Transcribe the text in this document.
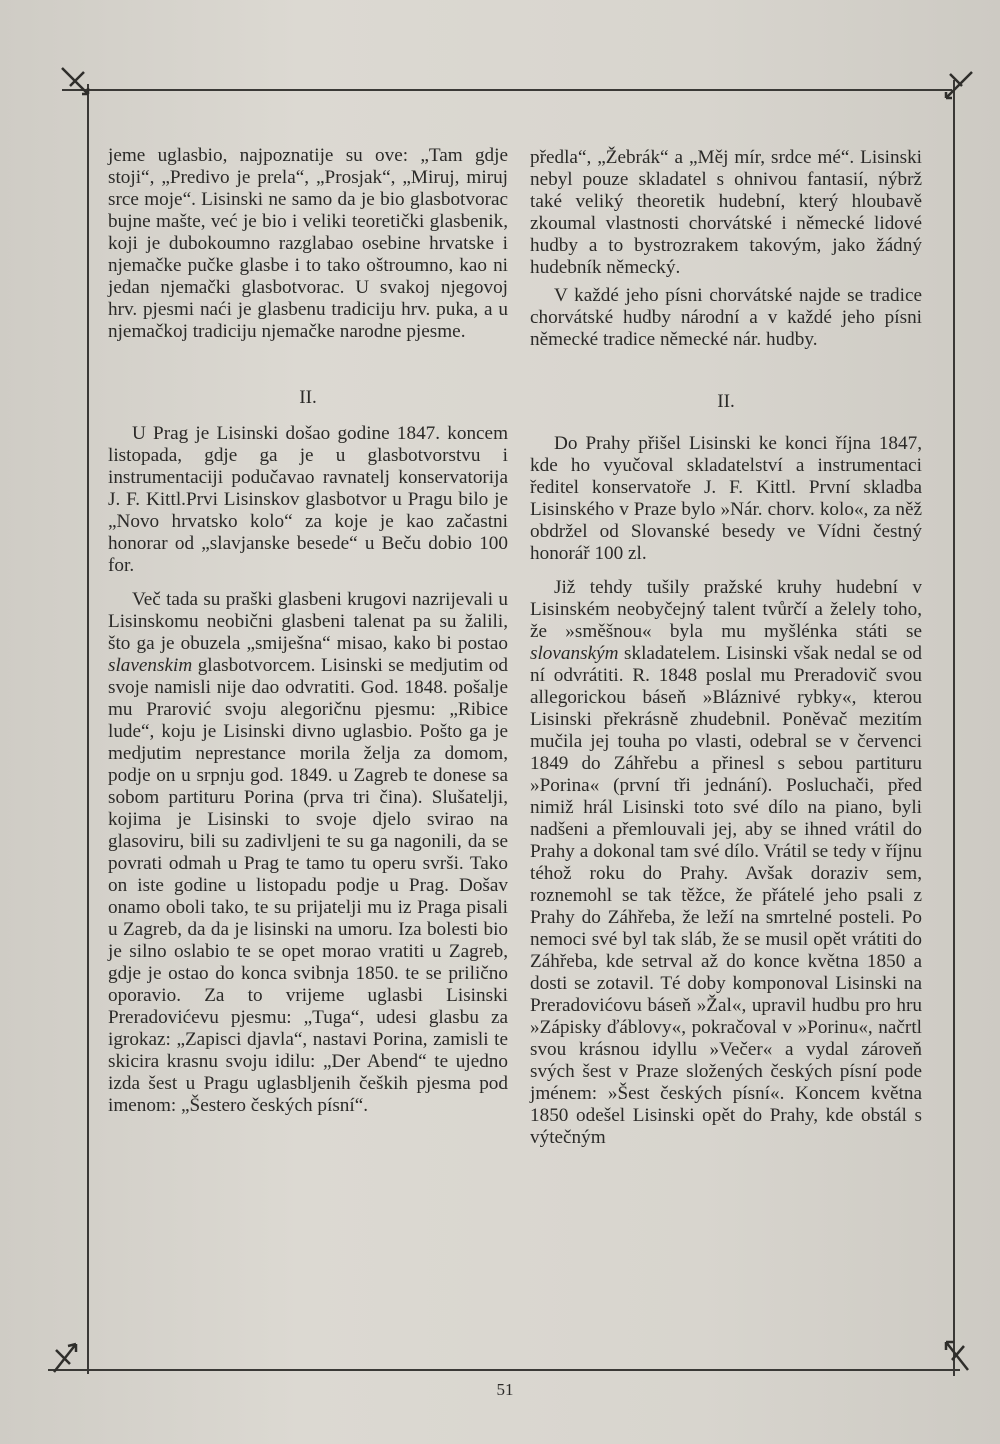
jeme uglasbio, najpoznatije su ove: „Tam gdje stoji“, „Predivo je prela“, „Prosjak“, „Miruj, miruj srce moje“. Lisinski ne samo da je bio glasbotvorac bujne mašte, već je bio i veliki teoretički glasbenik, koji je dubokoumno razglabao osebine hrvatske i njemačke pučke glasbe i to tako oštroumno, kao ni jedan njemački glasbotvorac. U svakoj njegovoj hrv. pjesmi naći je glasbenu tradiciju hrv. puka, a u njemačkoj tradiciju njemačke narodne pjesme.

II.

U Prag je Lisinski došao godine 1847. koncem listopada, gdje ga je u glasbotvorstvu i instrumentaciji podučavao ravnatelj konservatorija J. F. Kittl.Prvi Lisinskov glasbotvor u Pragu bilo je „Novo hrvatsko kolo“ za koje je kao začastni honorar od „slavjanske besede“ u Beču dobio 100 for.

Več tada su praški glasbeni krugovi nazrijevali u Lisinskomu neobični glasbeni talenat pa su žalili, što ga je obuzela „smiješna“ misao, kako bi postao slavenskim glasbotvorcem. Lisinski se medjutim od svoje namisli nije dao odvratiti. God. 1848. pošalje mu Prarović svoju alegoričnu pjesmu: „Ribice lude“, koju je Lisinski divno uglasbio. Pošto ga je medjutim neprestance morila želja za domom, podje on u srpnju god. 1849. u Zagreb te donese sa sobom partituru Porina (prva tri čina). Slušatelji, kojima je Lisinski to svoje djelo svirao na glasoviru, bili su zadivljeni te su ga nagonili, da se povrati odmah u Prag te tamo tu operu svrši. Tako on iste godine u listopadu podje u Prag. Došav onamo oboli tako, te su prijatelji mu iz Praga pisali u Zagreb, da da je lisinski na umoru. Iza bolesti bio je silno oslabio te se opet morao vratiti u Zagreb, gdje je ostao do konca svibnja 1850. te se prilično oporavio. Za to vrijeme uglasbi Lisinski Preradovićevu pjesmu: „Tuga“, udesi glasbu za igrokaz: „Zapisci djavla“, nastavi Porina, zamisli te skicira krasnu svoju idilu: „Der Abend“ te ujedno izda šest u Pragu uglasbljenih čeških pjesma pod imenom: „Šestero českých písní“.

předla“, „Žebrák“ a „Měj mír, srdce mé“. Lisinski nebyl pouze skladatel s ohnivou fantasií, nýbrž také veliký theoretik hudební, který hloubavě zkoumal vlastnosti chorvátské i německé lidové hudby a to bystrozrakem takovým, jako žádný hudebník německý.

V každé jeho písni chorvátské najde se tradice chorvátské hudby národní a v každé jeho písni německé tradice německé nár. hudby.

II.

Do Prahy přišel Lisinski ke konci října 1847, kde ho vyučoval skladatelství a instrumentaci ředitel konservatoře J. F. Kittl. První skladba Lisinského v Praze bylo »Nár. chorv. kolo«, za něž obdržel od Slovanské besedy ve Vídni čestný honorář 100 zl.

Již tehdy tušily pražské kruhy hudební v Lisinském neobyčejný talent tvůrčí a želely toho, že »směšnou« byla mu myšlénka státi se slovanským skladatelem. Lisinski však nedal se od ní odvrátiti. R. 1848 poslal mu Preradovič svou allegorickou báseň »Bláznivé rybky«, kterou Lisinski překrásně zhudebnil. Poněvač mezitím mučila jej touha po vlasti, odebral se v červenci 1849 do Záhřebu a přinesl s sebou partituru »Porina« (první tři jednání). Posluchači, před nimiž hrál Lisinski toto své dílo na piano, byli nadšeni a přemlouvali jej, aby se ihned vrátil do Prahy a dokonal tam své dílo. Vrátil se tedy v říjnu téhož roku do Prahy. Avšak doraziv sem, roznemohl se tak těžce, že přátelé jeho psali z Prahy do Záhřeba, že leží na smrtelné posteli. Po nemoci své byl tak sláb, že se musil opět vrátiti do Záhřeba, kde setrval až do konce května 1850 a dosti se zotavil. Té doby komponoval Lisinski na Preradovićovu báseň »Žal«, upravil hudbu pro hru »Zápisky ďáblovy«, pokračoval v »Porinu«, načrtl svou krásnou idyllu »Večer« a vydal zároveň svých šest v Praze složených českých písní pode jménem: »Šest českých písní«. Koncem května 1850 odešel Lisinski opět do Prahy, kde obstál s výtečným

51
